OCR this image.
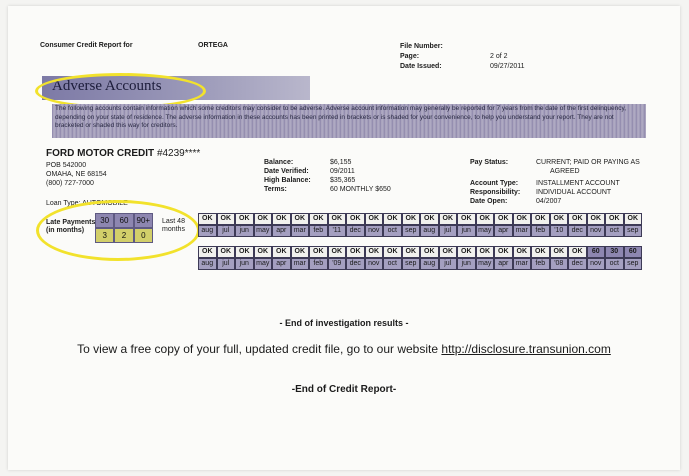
Consumer Credit Report for	ORTEGA	File Number:
Page:	2 of 2
Date Issued:	09/27/2011
Adverse Accounts
The following accounts contain information which some creditors may consider to be adverse. Adverse account information may generally be reported for 7 years from the date of the first delinquency, depending on your state of residence. The adverse information in these accounts has been printed in brackets or is shaded for your convenience, to help you understand your report. They are not bracketed or shaded this way for creditors.
FORD MOTOR CREDIT #4239****
POB 542000
OMAHA, NE 68154
(800) 727-7000
Balance:	$6,155
Date Verified:	09/2011
High Balance:	$35,365
Terms:	60 MONTHLY $650
Pay Status:	CURRENT; PAID OR PAYING AS
AGREED
Account Type:	INSTALLMENT ACCOUNT
Responsibility: INDIVIDUAL ACCOUNT
Date Open:	04/2007
Loan Type: AUTOMOBILE
Late Payments (in months)
30	60	90+
3	2	0
Last 48 months
OK	OK	OK	OK	OK	OK	OK	OK	OK	OK	OK	OK	OK	OK	OK	OK	OK	OK	OK	OK	OK	OK	OK	OK
aug	jul	jun	may apr	mar	feb	'11	dec	nov	oct	sep	aug	jul	jun	may apr	mar	feb	'10	dec	nov	oct	sep
OK	OK	OK	OK	OK	OK	OK	OK	OK	OK	OK	OK	OK	OK	OK	OK	OK	OK	OK	OK	OK	60	30	60
aug	jul	jun	may apr	mar	feb	'09	dec	nov	oct	sep	aug	jul	jun	may apr	mar	feb	'08	dec	nov	oct	sep
- End of investigation results -
To view a free copy of your full, updated credit file, go to our website http://disclosure.transunion.com
-End of Credit Report-
